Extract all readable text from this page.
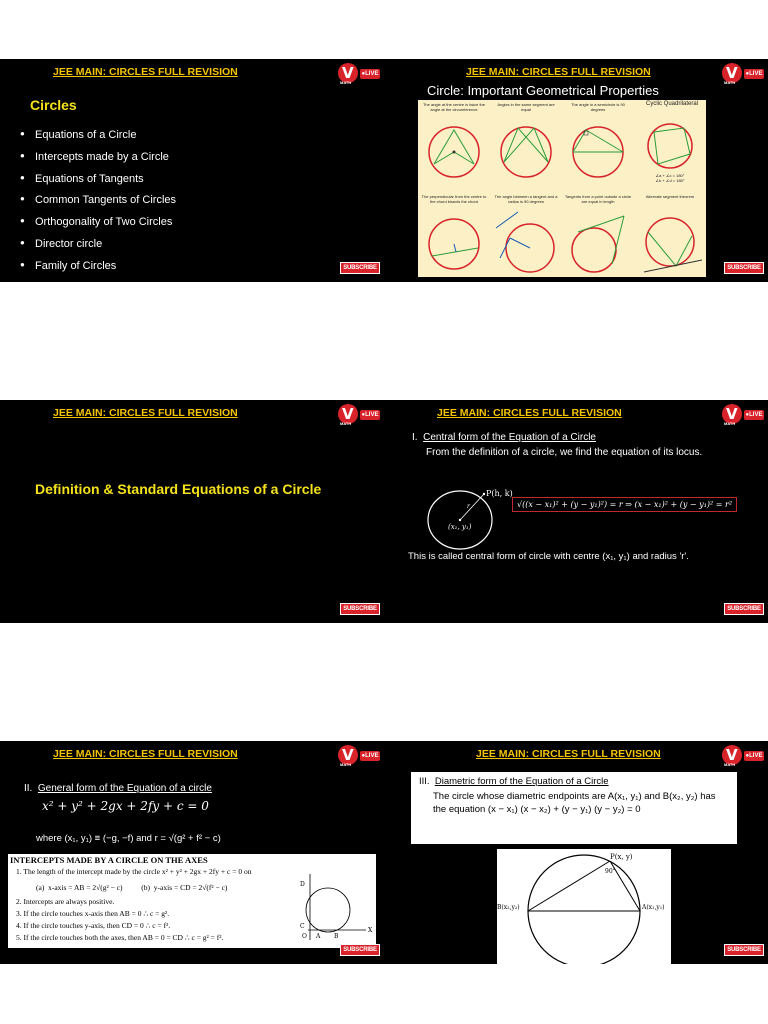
JEE MAIN: CIRCLES FULL REVISION
MATH
V
●LIVE
Circles
● Equations of a Circle
● Intercepts made by a Circle
● Equations of Tangents
● Common Tangents of Circles
● Orthogonality of Two Circles
● Director circle
● Family of Circles	SUBSCRIBE
JEE MAIN: CIRCLES FULL REVISION
MATH
V
●LIVE
Circle: Important Geometrical Properties
SUBSCRIBE
The angle at the centre is twice the angle at the circumference
Angles in the same segment are equal
The angle in a semicircle is 90 degrees
Cyclic Quadrilateral
∠a + ∠c = 180°
∠b + ∠d = 180°
The perpendicular from the centre to the chord bisects the chord
The angle between a tangent and a radius is 90 degrees
Tangents from a point outside a circle are equal in length
Alternate segment theorem
JEE MAIN: CIRCLES FULL REVISION
MATH
V
●LIVE
Definition & Standard Equations of a Circle
SUBSCRIBE
JEE MAIN: CIRCLES FULL REVISION
MATH
V
●LIVE
I. Central form of the Equation of a Circle
From the definition of a circle, we find the equation of its locus.
P(h, k)
(x₁, y₁)
r	√((x − x₁)² + (y − y₁)²) = r ⇒ (x − x₁)² + (y − y₁)² = r²
This is called central form of circle with centre (x₁, y₁) and radius 'r'.
SUBSCRIBE
JEE MAIN: CIRCLES FULL REVISION
MATH
V
●LIVE
II. General form of the Equation of a circle
x² + y² + 2gx + 2fy + c = 0
where (x₁, y₁) ≡ (−g, −f) and r = √(g² + f² − c)
INTERCEPTS MADE BY A CIRCLE ON THE AXES
1. The length of the intercept made by the circle x² + y² + 2gx + 2fy + c = 0 on
(a)  x-axis = AB = 2√(g² − c)          (b)  y-axis = CD = 2√(f² − c)
2. Intercepts are always positive.
3. If the circle touches x-axis then AB = 0 ∴ c = g².
4. If the circle touches y-axis, then CD = 0 ∴ c = f².
5. If the circle touches both the axes, then AB = 0 = CD ∴ c = g² = f².
D
C
O A B
X
SUBSCRIBE
JEE MAIN: CIRCLES FULL REVISION
MATH
V
●LIVE
III. Diametric form of the Equation of a Circle
The circle whose diametric endpoints are A(x₁, y₁) and B(x₂, y₂) has
the equation (x − x₁) (x − x₂) + (y − y₁) (y − y₂) = 0
P(x, y)
90°
A(x₁,y₁)
B(x₂,y₂)
SUBSCRIBE
